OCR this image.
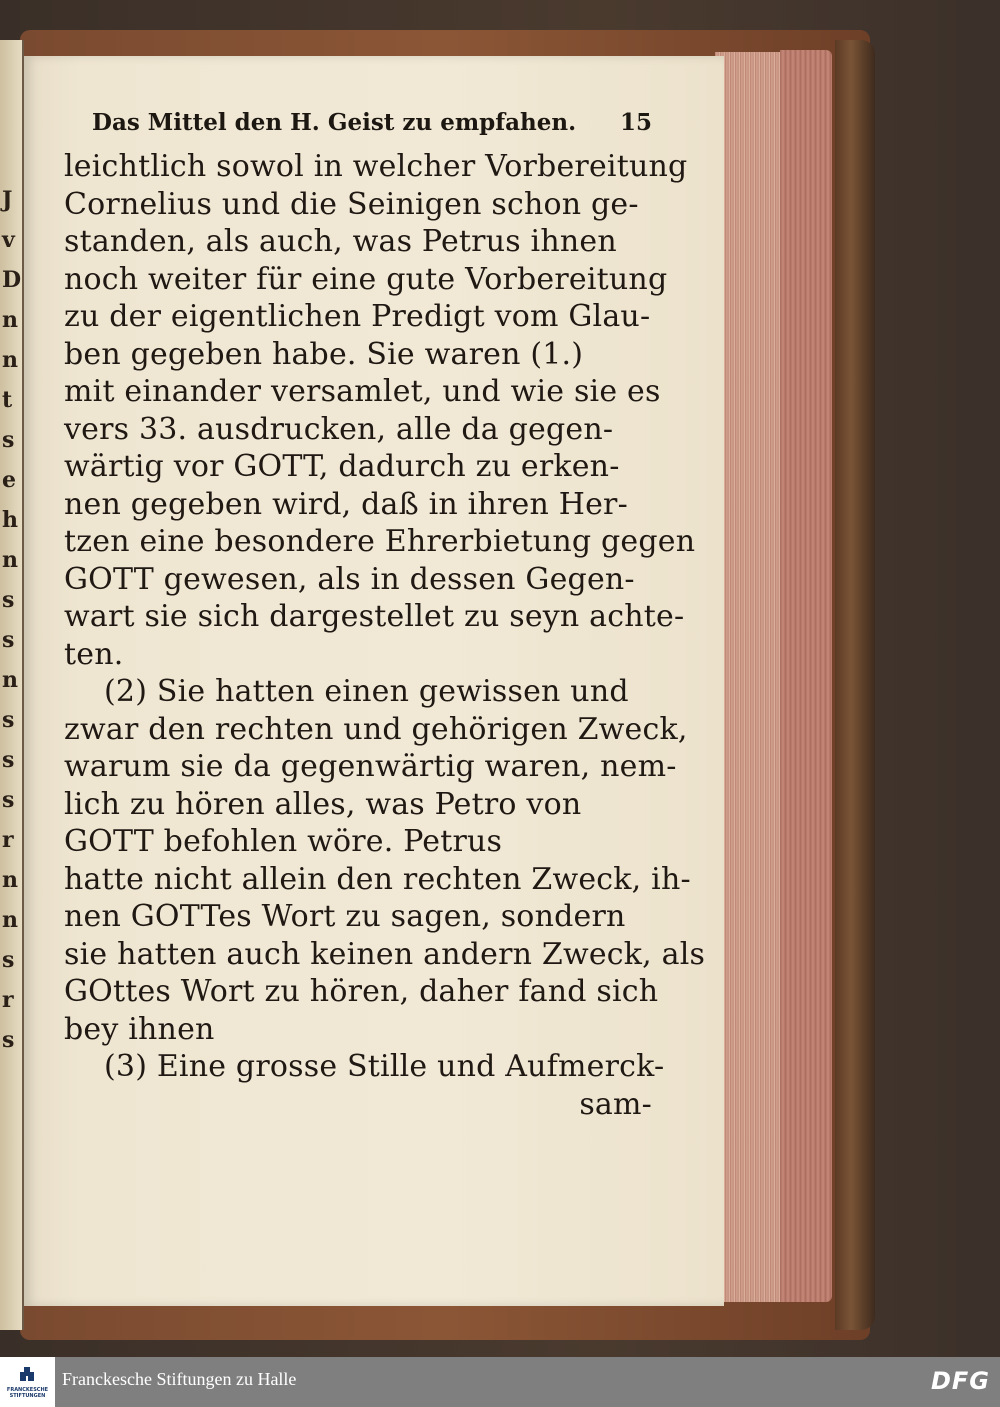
J
v
D
n
n
t
s
e
h
n
s
s
n
s
s
s
r
n
n
s
r
s
Das Mittel den H. Geist zu empfahen. 15
leichtlich sowol in welcher Vorbereitung
Cornelius und die Seinigen schon ge-
standen, als auch, was Petrus ihnen
noch weiter für eine gute Vorbereitung
zu der eigentlichen Predigt vom Glau-
ben gegeben habe. Sie waren (1.)
mit einander versamlet, und wie sie es
vers 33. ausdrucken, alle da gegen-
wärtig vor GOTT, dadurch zu erken-
nen gegeben wird, daß in ihren Her-
tzen eine besondere Ehrerbietung gegen
GOTT gewesen, als in dessen Gegen-
wart sie sich dargestellet zu seyn achte-
ten.
(2) Sie hatten einen gewissen und
zwar den rechten und gehörigen Zweck,
warum sie da gegenwärtig waren, nem-
lich zu hören alles, was Petro von
GOTT befohlen wöre. Petrus
hatte nicht allein den rechten Zweck, ih-
nen GOTTes Wort zu sagen, sondern
sie hatten auch keinen andern Zweck, als
GOttes Wort zu hören, daher fand sich
bey ihnen
(3) Eine grosse Stille und Aufmerck-
sam-
FRANCKESCHE STIFTUNGEN
Franckesche Stiftungen zu Halle	DFG
